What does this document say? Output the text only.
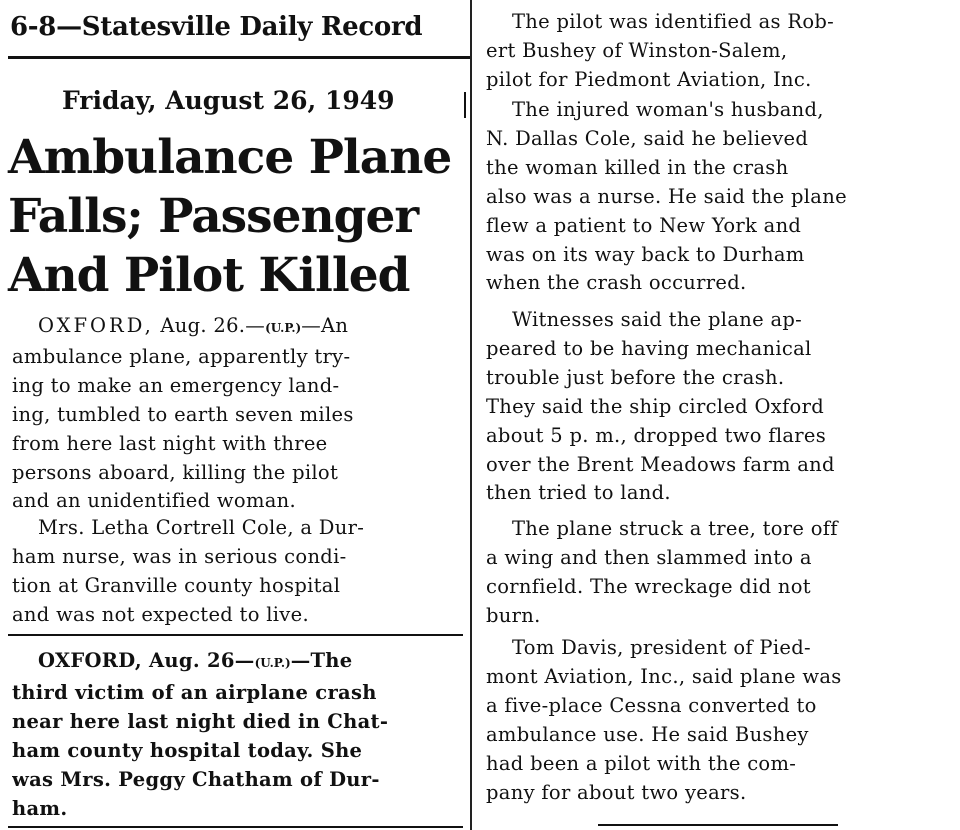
6-8—Statesville Daily Record
Friday, August 26, 1949
Ambulance Plane
Falls; Passenger
And Pilot Killed
OXFORD, Aug. 26.—(U.P.)—An
ambulance plane, apparently try-
ing to make an emergency land-
ing, tumbled to earth seven miles
from here last night with three
persons aboard, killing the pilot
and an unidentified woman.
Mrs. Letha Cortrell Cole, a Dur-
ham nurse, was in serious condi-
tion at Granville county hospital
and was not expected to live.
OXFORD, Aug. 26—(U.P.)—The
third victim of an airplane crash
near here last night died in Chat-
ham county hospital today. She
was Mrs. Peggy Chatham of Dur-
ham.
The pilot was identified as Rob-
ert Bushey of Winston-Salem,
pilot for Piedmont Aviation, Inc.
The injured woman's husband,
N. Dallas Cole, said he believed
the woman killed in the crash
also was a nurse. He said the plane
flew a patient to New York and
was on its way back to Durham
when the crash occurred.
Witnesses said the plane ap-
peared to be having mechanical
trouble just before the crash.
They said the ship circled Oxford
about 5 p. m., dropped two flares
over the Brent Meadows farm and
then tried to land.
The plane struck a tree, tore off
a wing and then slammed into a
cornfield. The wreckage did not
burn.
Tom Davis, president of Pied-
mont Aviation, Inc., said plane was
a five-place Cessna converted to
ambulance use. He said Bushey
had been a pilot with the com-
pany for about two years.
